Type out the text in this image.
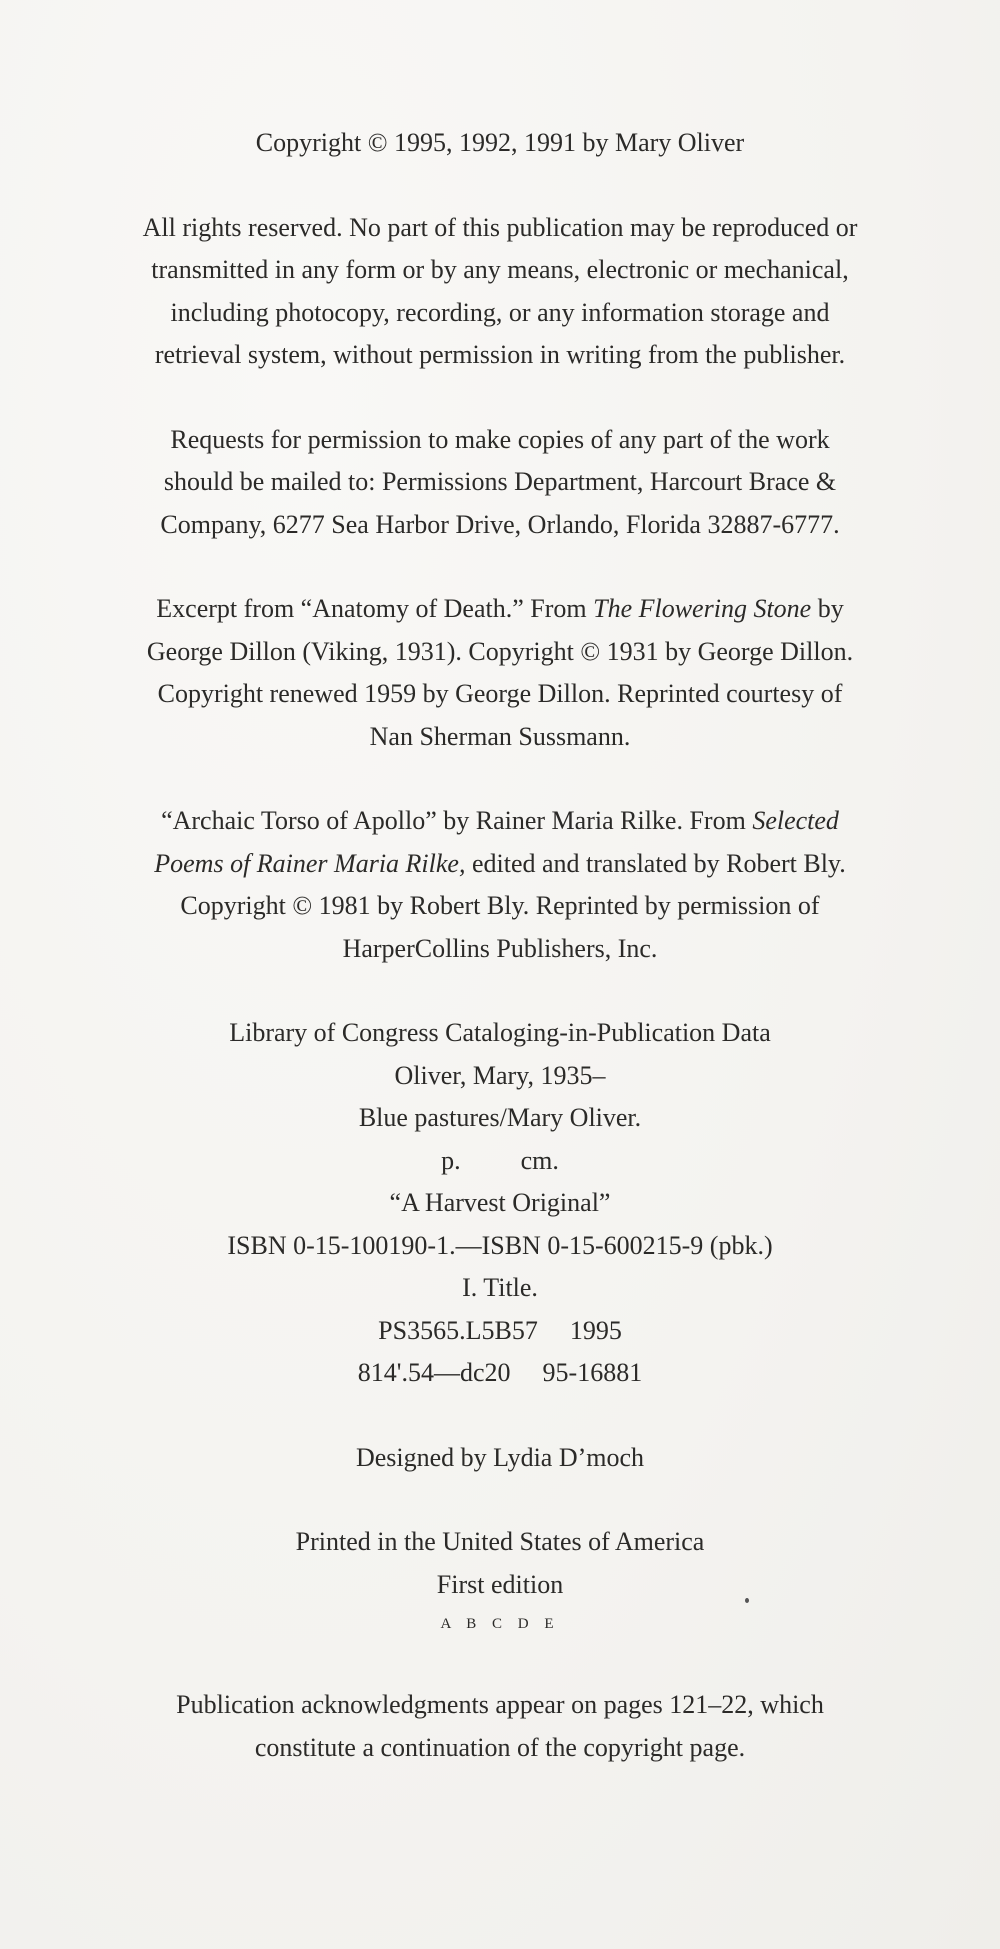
Copyright © 1995, 1992, 1991 by Mary Oliver
All rights reserved. No part of this publication may be reproduced or
transmitted in any form or by any means, electronic or mechanical,
including photocopy, recording, or any information storage and
retrieval system, without permission in writing from the publisher.
Requests for permission to make copies of any part of the work
should be mailed to: Permissions Department, Harcourt Brace &
Company, 6277 Sea Harbor Drive, Orlando, Florida 32887-6777.
Excerpt from “Anatomy of Death.” From The Flowering Stone by
George Dillon (Viking, 1931). Copyright © 1931 by George Dillon.
Copyright renewed 1959 by George Dillon. Reprinted courtesy of
Nan Sherman Sussmann.
“Archaic Torso of Apollo” by Rainer Maria Rilke. From Selected
Poems of Rainer Maria Rilke, edited and translated by Robert Bly.
Copyright © 1981 by Robert Bly. Reprinted by permission of
HarperCollins Publishers, Inc.
Library of Congress Cataloging-in-Publication Data
Oliver, Mary, 1935–
Blue pastures/Mary Oliver.
p. cm.
“A Harvest Original”
ISBN 0-15-100190-1.—ISBN 0-15-600215-9 (pbk.)
I. Title.
PS3565.L5B57 1995
814'.54—dc20 95-16881
Designed by Lydia D’moch
Printed in the United States of America
First edition
A B C D E
Publication acknowledgments appear on pages 121–22, which
constitute a continuation of the copyright page.
